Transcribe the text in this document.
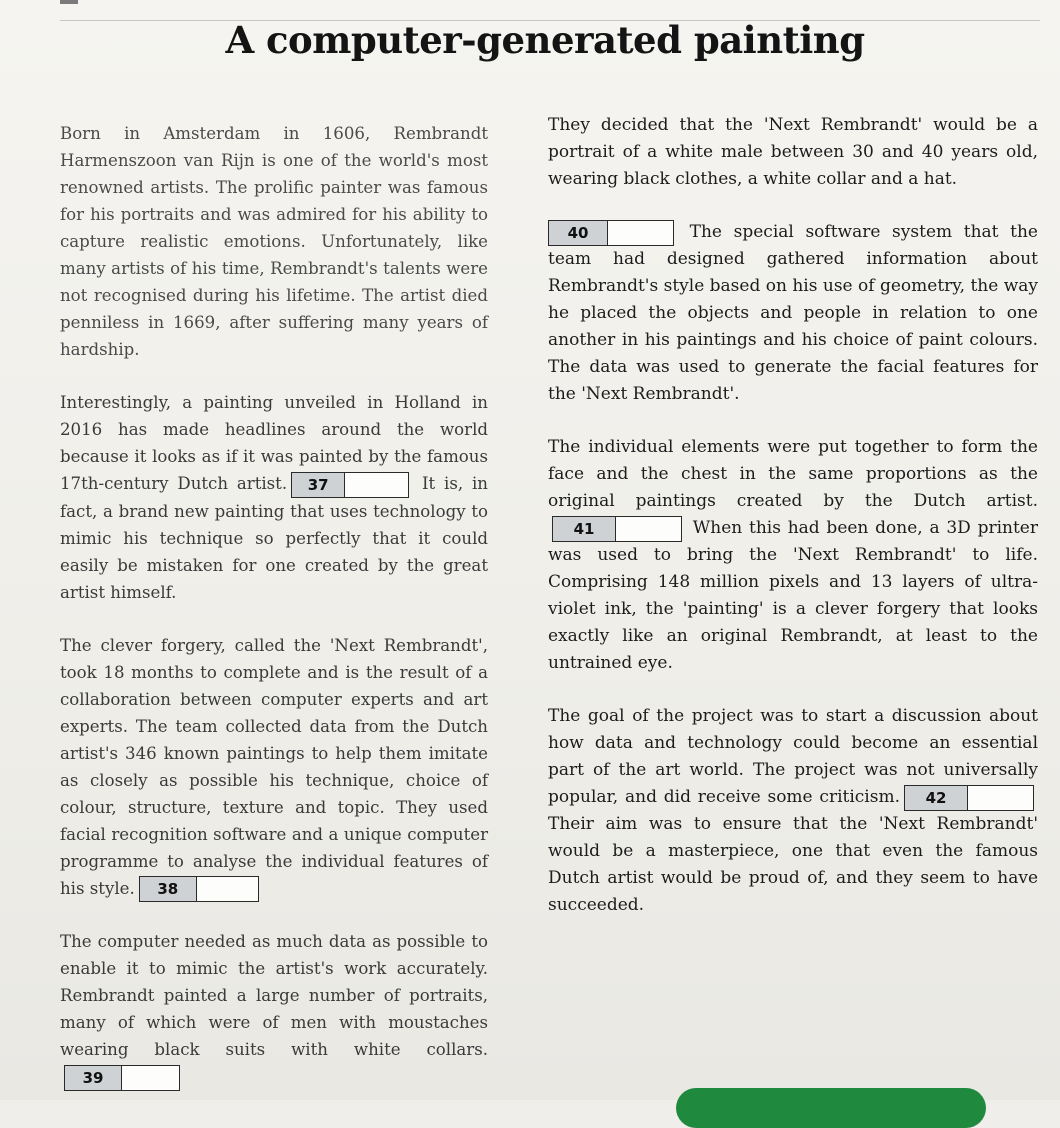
A computer-generated painting

Born in Amsterdam in 1606, Rembrandt Harmenszoon van Rijn is one of the world's most renowned artists. The prolific painter was famous for his portraits and was admired for his ability to capture realistic emotions. Unfortunately, like many artists of his time, Rembrandt's talents were not recognised during his lifetime. The artist died penniless in 1669, after suffering many years of hardship.

Interestingly, a painting unveiled in Holland in 2016 has made headlines around the world because it looks as if it was painted by the famous 17th-century Dutch artist.	37	It is, in fact, a brand new painting that uses technology to mimic his technique so perfectly that it could easily be mistaken for one created by the great artist himself.

The clever forgery, called the 'Next Rembrandt', took 18 months to complete and is the result of a collaboration between computer experts and art experts. The team collected data from the Dutch artist's 346 known paintings to help them imitate as closely as possible his technique, choice of colour, structure, texture and topic. They used facial recognition software and a unique computer programme to analyse the individual features of his style.	38

The computer needed as much data as possible to enable it to mimic the artist's work accurately. Rembrandt painted a large number of portraits, many of which were of men with moustaches wearing black suits with white collars.
39

They decided that the 'Next Rembrandt' would be a portrait of a white male between 30 and 40 years old, wearing black clothes, a white collar and a hat.

40	The special software system that the team had designed gathered information about Rembrandt's style based on his use of geometry, the way he placed the objects and people in relation to one another in his paintings and his choice of paint colours. The data was used to generate the facial features for the 'Next Rembrandt'.

The individual elements were put together to form the face and the chest in the same proportions as the original paintings created by the Dutch artist.
41	When this had been done, a 3D printer was used to bring the 'Next Rembrandt' to life. Comprising 148 million pixels and 13 layers of ultra-violet ink, the 'painting' is a clever forgery that looks exactly like an original Rembrandt, at least to the untrained eye.

The goal of the project was to start a discussion about how data and technology could become an essential part of the art world. The project was not universally popular, and did receive some criticism.	42
Their aim was to ensure that the 'Next Rembrandt' would be a masterpiece, one that even the famous Dutch artist would be proud of, and they seem to have succeeded.
